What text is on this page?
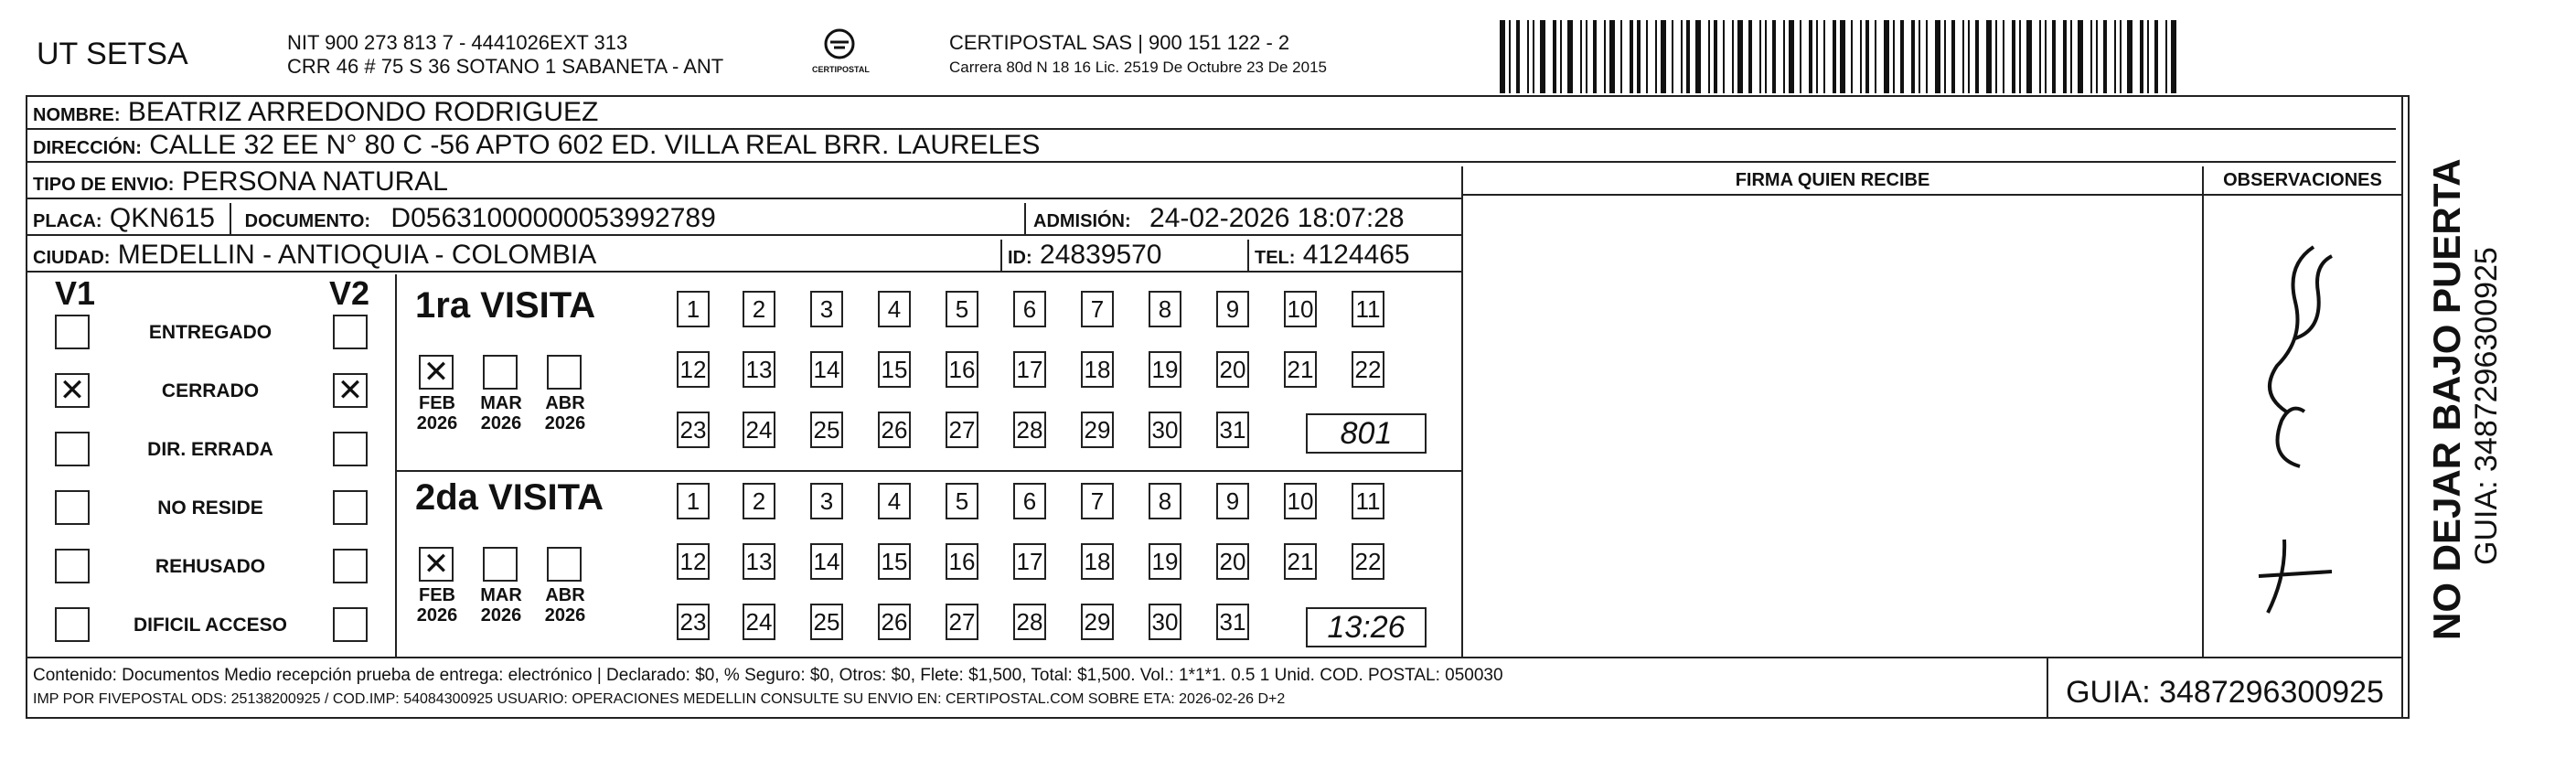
UT SETSA	NIT 900 273 813 7 - 4441026EXT 313
CRR 46 # 75 S 36 SOTANO 1 SABANETA - ANT	CERTIPOSTAL
CERTIPOSTAL SAS | 900 151 122 - 2
Carrera 80d N 18 16 Lic. 2519 De Octubre 23 De 2015
NOMBRE: BEATRIZ ARREDONDO RODRIGUEZ
DIRECCIÓN: CALLE 32 EE N° 80 C -56 APTO 602 ED. VILLA REAL BRR. LAURELES
TIPO DE ENVIO: PERSONA NATURAL
PLACA: QKN615 DOCUMENTO: D05631000000053992789	ADMISIÓN: 24-02-2026 18:07:28
CIUDAD: MEDELLIN - ANTIOQUIA - COLOMBIA	ID: 24839570	TEL: 4124465
FIRMA QUIEN RECIBE	OBSERVACIONES	NO DEJAR BAJO PUERTA GUIA: 3487296300925
V1	V2
ENTREGADO
✕	CERRADO	✕
DIR. ERRADA
NO RESIDE
REHUSADO
DIFICIL ACCESO
1ra VISITA
2da VISITA
✕
FEB
2026
MAR
2026
ABR
2026
✕
FEB
2026
MAR
2026
ABR
2026
1	2	3	4	5	6	7	8	9	10 11
12 13 14 15 16 17 18 19 20 21 22
23 24 25 26 27 28 29 30 31
1	2	3	4	5	6	7	8	9	10 11
12 13 14 15 16 17 18 19 20 21 22
23 24 25 26 27 28 29 30 31
801
13:26
Contenido: Documentos Medio recepción prueba de entrega: electrónico | Declarado: $0, % Seguro: $0, Otros: $0, Flete: $1,500, Total: $1,500. Vol.: 1*1*1. 0.5 1 Unid. COD. POSTAL: 050030
IMP POR FIVEPOSTAL ODS: 25138200925 / COD.IMP: 54084300925 USUARIO: OPERACIONES MEDELLIN CONSULTE SU ENVIO EN: CERTIPOSTAL.COM SOBRE ETA: 2026-02-26 D+2	GUIA: 3487296300925
